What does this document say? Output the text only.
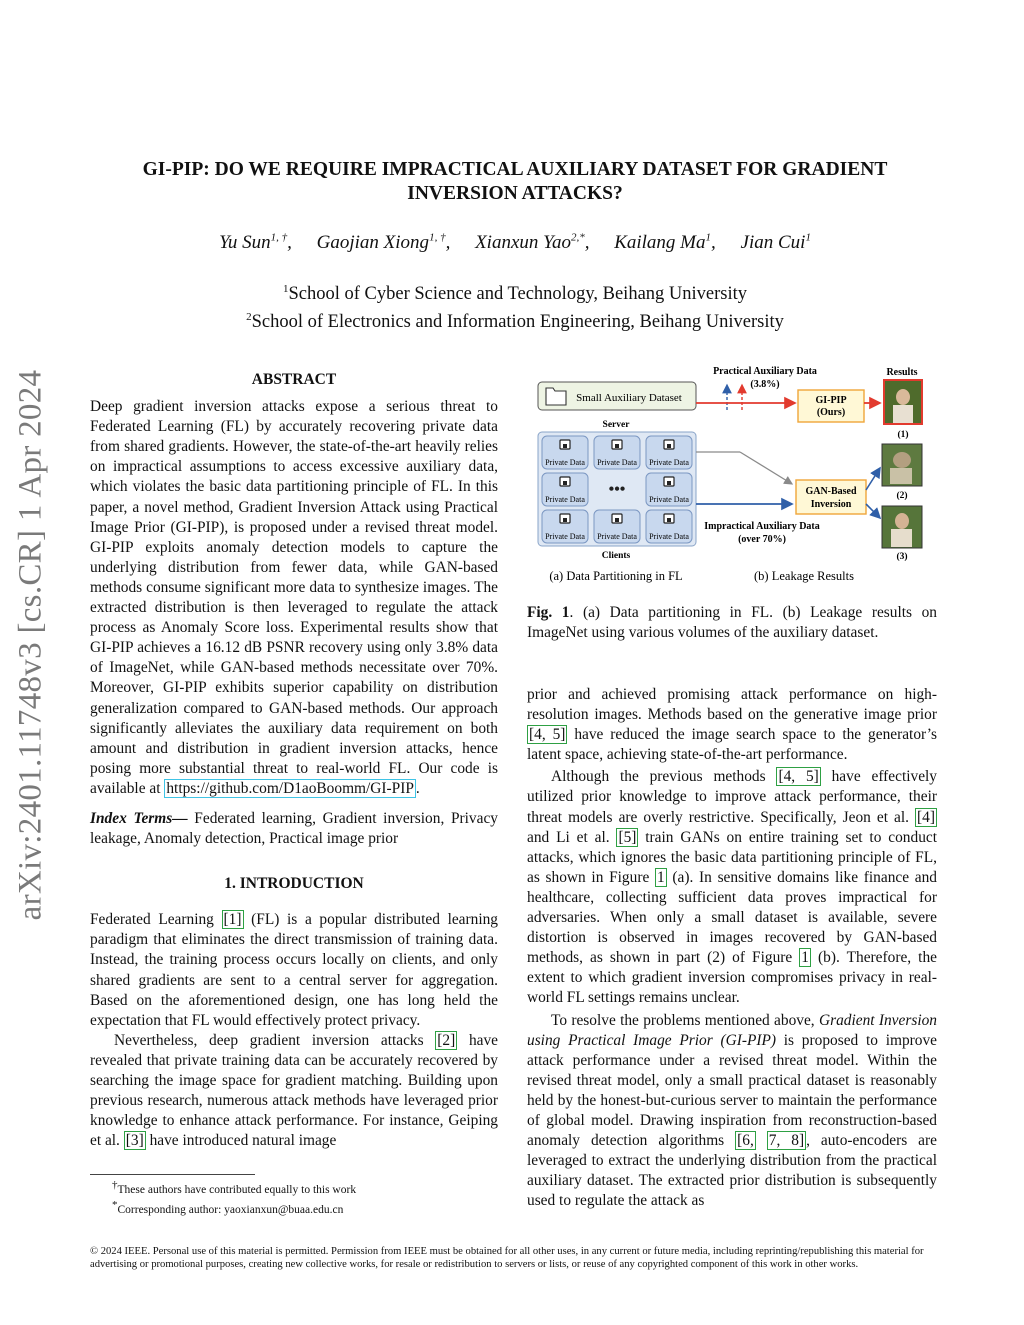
arXiv:2401.11748v3 [cs.CR] 1 Apr 2024
GI-PIP: DO WE REQUIRE IMPRACTICAL AUXILIARY DATASET FOR GRADIENT INVERSION ATTACKS?
Yu Sun$^{1, \dagger}$, Gaojian Xiong$^{1, \dagger}$, Xianxun Yao$^{2,*}$, Kailang Ma$^1$, Jian Cui$^1$
$^1$School of Cyber Science and Technology, Beihang University
$^2$School of Electronics and Information Engineering, Beihang University
ABSTRACT

Deep gradient inversion attacks expose a serious threat to Federated Learning (FL) by accurately recovering private data from shared gradients. However, the state-of-the-art heavily relies on impractical assumptions to access excessive auxiliary data, which violates the basic data partitioning principle of FL. In this paper, a novel method, Gradient Inversion Attack using Practical Image Prior (GI-PIP), is proposed under a revised threat model. GI-PIP exploits anomaly detection models to capture the underlying distribution from fewer data, while GAN-based methods consume significant more data to synthesize images. The extracted distribution is then leveraged to regulate the attack process as Anomaly Score loss. Experimental results show that GI-PIP achieves a 16.12 dB PSNR recovery using only 3.8% data of ImageNet, while GAN-based methods necessitate over 70%. Moreover, GI-PIP exhibits superior capability on distribution generalization compared to GAN-based methods. Our approach significantly alleviates the auxiliary data requirement on both amount and distribution in gradient inversion attacks, hence posing more substantial threat to real-world FL. Our code is available at https://github.com/D1aoBoomm/GI-PIP .

Index Terms— Federated learning, Gradient inversion, Privacy leakage, Anomaly detection, Practical image prior

1. INTRODUCTION

Federated Learning [1] (FL) is a popular distributed learning paradigm that eliminates the direct transmission of training data. Instead, the training process occurs locally on clients, and only shared gradients are sent to a central server for aggregation. Based on the aforementioned design, one has long held the expectation that FL would effectively protect privacy.

Nevertheless, deep gradient inversion attacks [2] have revealed that private training data can be accurately recovered by searching the image space for gradient matching. Building upon previous research, numerous attack methods have leveraged prior knowledge to enhance attack performance. For instance, Geiping et al. [3] have introduced natural image

†These authors have contributed equally to this work
*Corresponding author: yaoxianxun@buaa.edu.cn
Practical Auxiliary Data
(3.8%)
Results
Small Auxiliary Dataset	GI-PIP
(Ours)
(1)
Server
Private Data Private Data Private Data
Private Data
•••
Private Data
Private Data Private Data Private Data
Clients
GAN-Based
Inversion
(2)
(3)
Impractical Auxiliary Data
(over 70%)
(a) Data Partitioning in FL	(b) Leakage Results
Fig. 1. (a) Data partitioning in FL. (b) Leakage results on ImageNet using various volumes of the auxiliary dataset.

prior and achieved promising attack performance on high-resolution images. Methods based on the generative image prior [4, 5] have reduced the image search space to the generator’s latent space, achieving state-of-the-art performance.

Although the previous methods [4, 5] have effectively utilized prior knowledge to improve attack performance, their threat models are overly restrictive. Specifically, Jeon et al. [4] and Li et al. [5] train GANs on entire training set to conduct attacks, which ignores the basic data partitioning principle of FL, as shown in Figure 1 (a). In sensitive domains like finance and healthcare, collecting sufficient data proves impractical for adversaries. When only a small dataset is available, severe distortion is observed in images recovered by GAN-based methods, as shown in part (2) of Figure 1 (b). Therefore, the extent to which gradient inversion compromises privacy in real-world FL settings remains unclear.

To resolve the problems mentioned above, Gradient Inversion using Practical Image Prior (GI-PIP) is proposed to improve attack performance under a revised threat model. Within the revised threat model, only a small practical dataset is reasonably held by the honest-but-curious server to maintain the performance of global model. Drawing inspiration from reconstruction-based anomaly detection algorithms [6, 7, 8] , auto-encoders are leveraged to extract the underlying distribution from the practical auxiliary dataset. The extracted prior distribution is subsequently used to regulate the attack as

© 2024 IEEE. Personal use of this material is permitted. Permission from IEEE must be obtained for all other uses, in any current or future media, including reprinting/republishing this material for advertising or promotional purposes, creating new collective works, for resale or redistribution to servers or lists, or reuse of any copyrighted component of this work in other works.
